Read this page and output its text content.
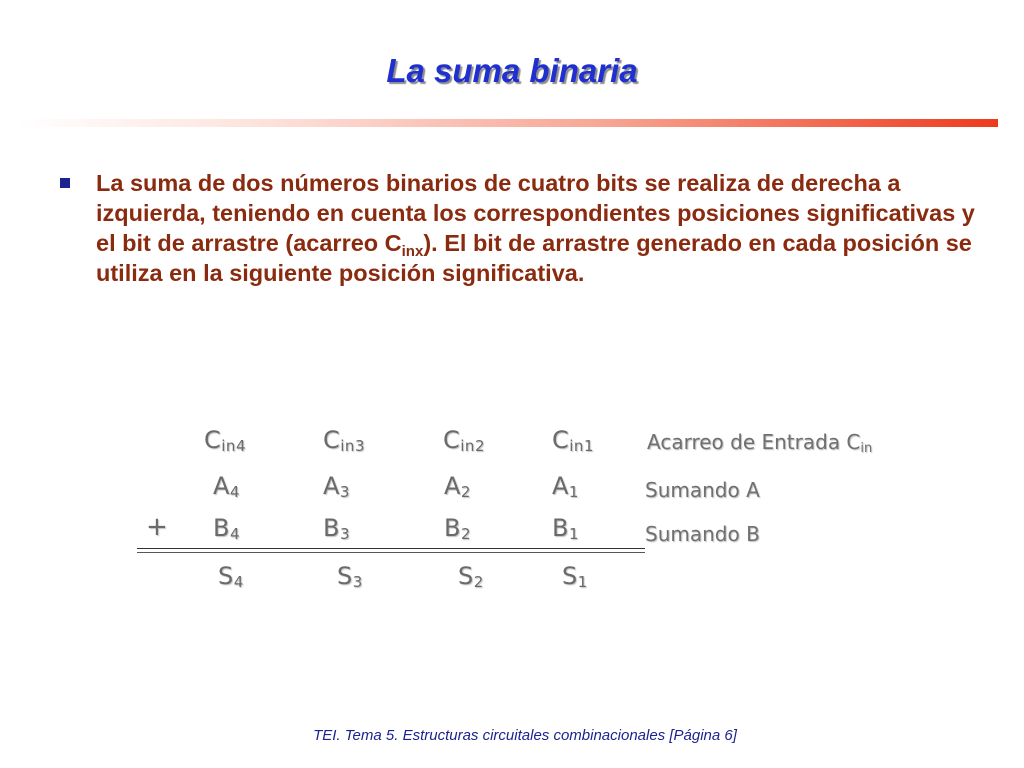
La suma binaria
La suma de dos números binarios de cuatro bits se realiza de derecha a izquierda, teniendo en cuenta los correspondientes posiciones significativas y el bit de arrastre (acarreo $C_{inx}$). El bit de arrastre generado en cada posición se utiliza en la siguiente posición significativa.
$C_{in4}$	$C_{in3}$	$C_{in2}$	$C_{in1}$	Acarreo de Entrada $C_{in}$
$A_4$	$A_3$	$A_2$	$A_1$	Sumando A
+ $B_4$	$B_3$	$B_2$	$B_1$	Sumando B
$S_4$	$S_3$	$S_2$	$S_1$
TEI. Tema 5. Estructuras circuitales combinacionales [Página 6]
